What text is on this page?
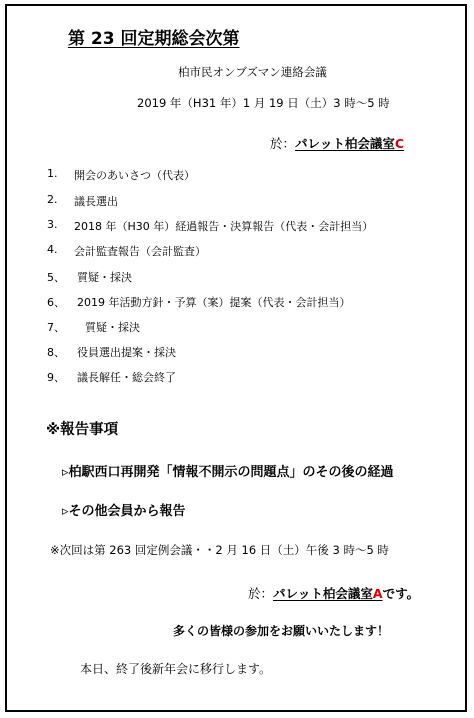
第 23 回定期総会次第
柏市民オンブズマン連絡会議
2019 年（H31 年）1 月 19 日（土）3 時〜5 時
於：パレット柏会議室C
1. 開会のあいさつ（代表）
2. 議長選出
3. 2018 年（H30 年）経過報告・決算報告（代表・会計担当）
4. 会計監査報告（会計監査）
5、 質疑・採決
6、 2019 年活動方針・予算（案）提案（代表・会計担当）
7、 質疑・採決
8、 役員選出提案・採決
9、 議長解任・総会終了
※報告事項
▹柏駅西口再開発「情報不開示の問題点」のその後の経過
▹その他会員から報告
※次回は第 263 回定例会議・・2 月 16 日（土）午後 3 時〜5 時
於：パレット柏会議室Aです。
多くの皆様の参加をお願いいたします！
本日、終了後新年会に移行します。
